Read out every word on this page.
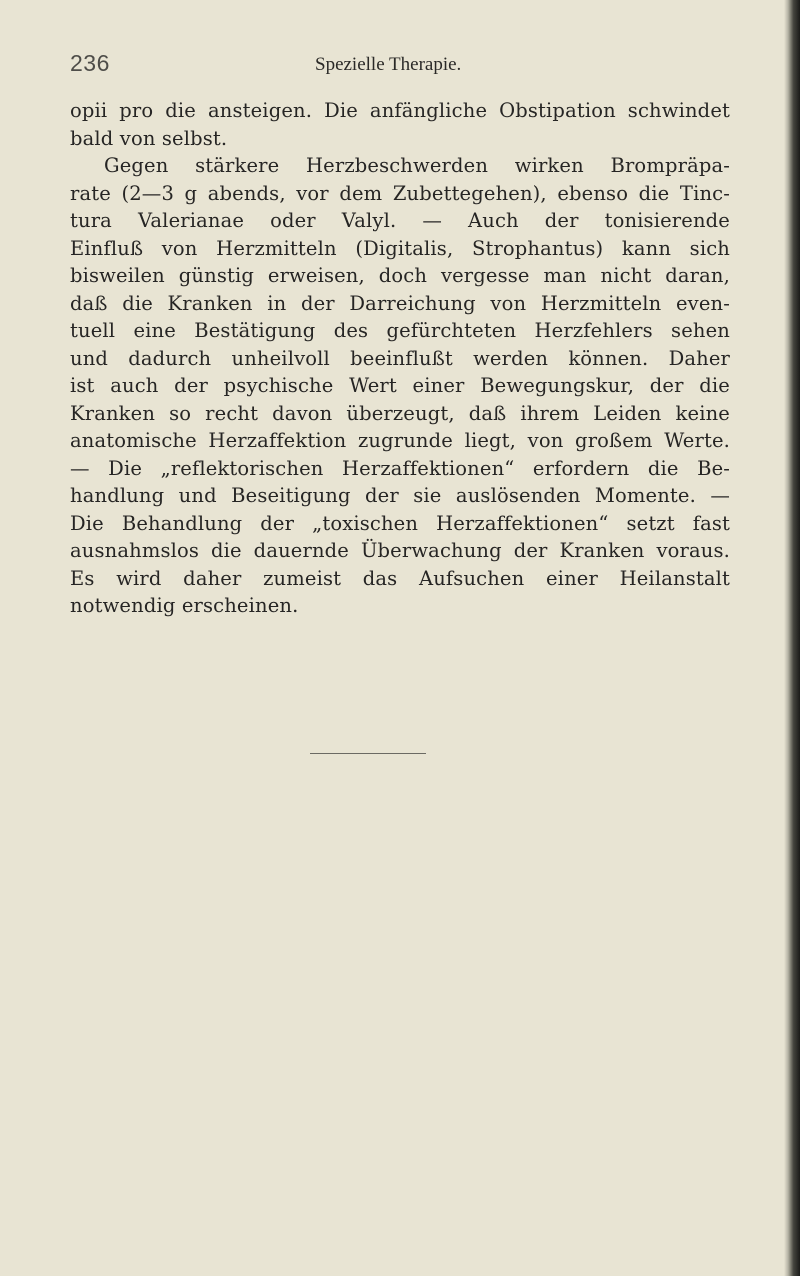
236	Spezielle Therapie.
opii pro die ansteigen. Die anfängliche Obstipation schwindet
bald von selbst.
Gegen stärkere Herzbeschwerden wirken Brompräpa-
rate (2—3 g abends, vor dem Zubettegehen), ebenso die Tinc-
tura Valerianae oder Valyl. — Auch der tonisierende
Einfluß von Herzmitteln (Digitalis, Strophantus) kann sich
bisweilen günstig erweisen, doch vergesse man nicht daran,
daß die Kranken in der Darreichung von Herzmitteln even-
tuell eine Bestätigung des gefürchteten Herzfehlers sehen
und dadurch unheilvoll beeinflußt werden können. Daher
ist auch der psychische Wert einer Bewegungskur, der die
Kranken so recht davon überzeugt, daß ihrem Leiden keine
anatomische Herzaffektion zugrunde liegt, von großem Werte.
— Die „reflektorischen Herzaffektionen“ erfordern die Be-
handlung und Beseitigung der sie auslösenden Momente. —
Die Behandlung der „toxischen Herzaffektionen“ setzt fast
ausnahmslos die dauernde Überwachung der Kranken voraus.
Es wird daher zumeist das Aufsuchen einer Heilanstalt
notwendig erscheinen.
